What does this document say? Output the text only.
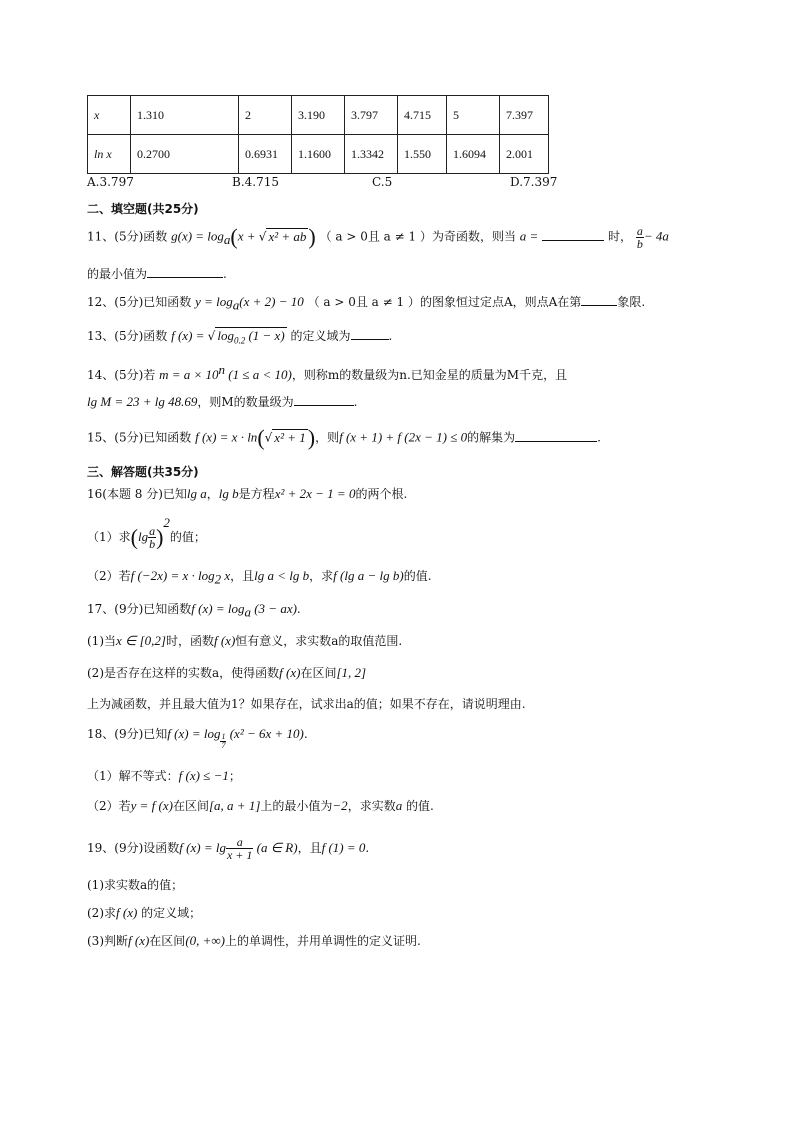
x	1.310	2	3.190	3.797	4.715	5	7.397
ln x	0.2700	0.6931	1.1600	1.3342	1.550	1.6094	2.001
A.3.797	B.4.715	C.5	D.7.397
二、填空题(共25分)
11、(5分)函数 $g(x) = \log_a(x$ + √ x² + ab) （ a > 0且 a ≠ 1 ）为奇函数，则当 a =	时， $\frac{a}{b} - 4a$
的最小值为	.
12、(5分)已知函数 $y = \log_a(x + 2) - 10$ （ a > 0且 a ≠ 1 ）的图象恒过定点A，则点A在第	象限.
13、(5分)函数 f (x) = √ $\log_{0.2} (1 - x)$ 的定义域为	.
14、(5分)若 $m = a \times 10^n$ (1 ≤ a < 10)，则称m的数量级为n.已知金星的质量为M千克，且
lg M = 23 + lg 48.69，则M的数量级为	.
15、(5分)已知函数 f (x) = x · ln(√ x² + 1)，则f (x + 1) + f (2x − 1) ≤ 0的解集为	.
三、解答题(共35分)
16(本题 8 分)已知lg a，lg b是方程x² + 2x − 1 = 0的两个根.
（1）求$(\lg \frac{a}{b} )^2$的值；
（2）若f $(-2x) = x \cdot \log_2 x$，且lg a < lg b，求f (lg a − lg b)的值.
17、(9分)已知函数f $(x) = \log_a (3 - ax)$.
(1)当x ∈ [0,2]时，函数f (x)恒有意义，求实数a的取值范围.
(2)是否存在这样的实数a，使得函数f (x)在区间[1, 2]
上为减函数，并且最大值为1？如果存在，试求出a的值；如果不存在，请说明理由.
18、(9分)已知f $(x) = \log \frac{1}{7} (x^2 - 6x + 10)$.
（1）解不等式：f (x) ≤ −1；
（2）若y = f (x)在区间[a, a + 1]上的最小值为−2，求实数a 的值.
19、(9分)设函数f $(x) = \lg \frac{a}{x + 1} (a$ ∈ R)，且f (1) = 0.
(1)求实数a的值；
(2)求f (x) 的定义域；
(3)判断f (x)在区间(0, +∞)上的单调性，并用单调性的定义证明.
